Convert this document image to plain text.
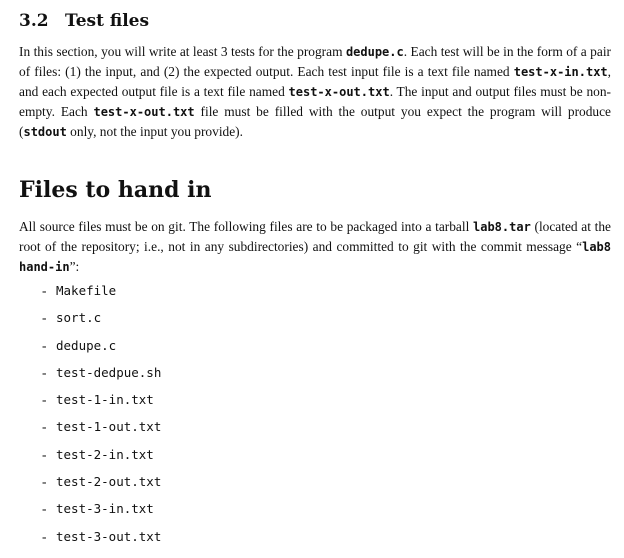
3.2 Test files

In this section, you will write at least 3 tests for the program dedupe.c. Each test will be in the form of a pair of files: (1) the input, and (2) the expected output. Each test input file is a text file named test-x-in.txt, and each expected output file is a text file named test-x-out.txt. The input and output files must be non-empty. Each test-x-out.txt file must be filled with the output you expect the program will produce (stdout only, not the input you provide).

Files to hand in

All source files must be on git. The following files are to be packaged into a tarball lab8.tar (located at the root of the repository; i.e., not in any subdirectories) and committed to git with the commit message “lab8 hand-in”:

- Makefile
- sort.c
- dedupe.c
- test-dedpue.sh
- test-1-in.txt
- test-1-out.txt
- test-2-in.txt
- test-2-out.txt
- test-3-in.txt
- test-3-out.txt
